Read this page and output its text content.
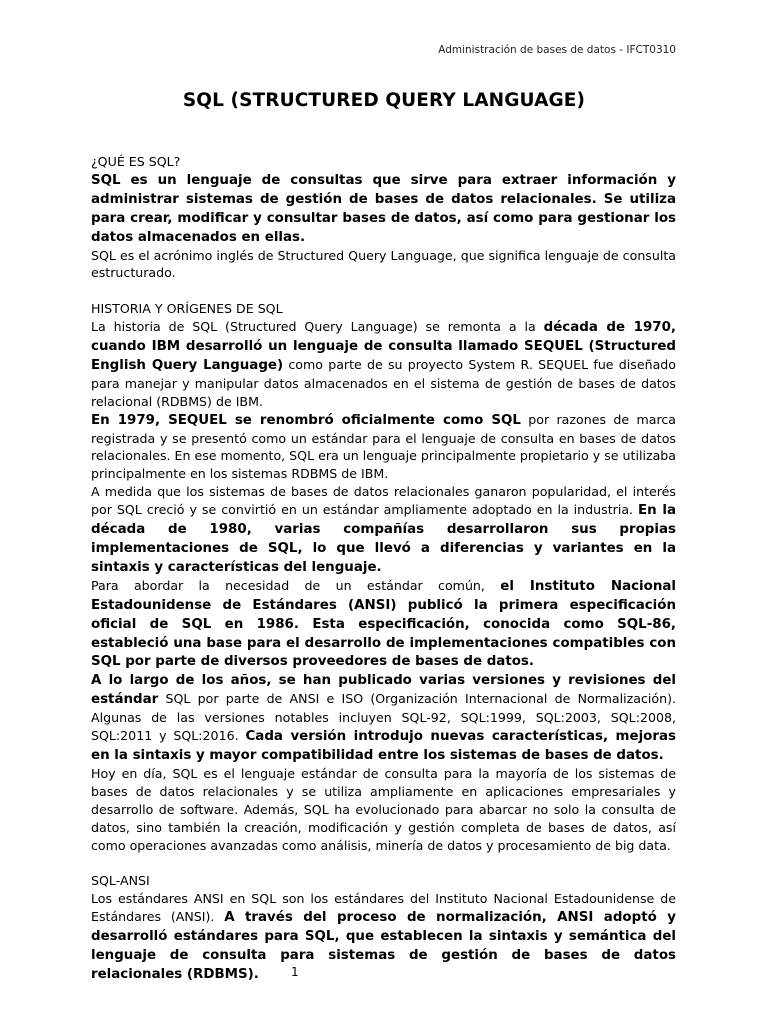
Administración de bases de datos - IFCT0310
SQL (STRUCTURED QUERY LANGUAGE)
¿QUÉ ES SQL?

SQL es un lenguaje de consultas que sirve para extraer información y administrar sistemas de gestión de bases de datos relacionales. Se utiliza para crear, modificar y consultar bases de datos, así como para gestionar los datos almacenados en ellas.

SQL es el acrónimo inglés de Structured Query Language, que significa lenguaje de consulta estructurado.

HISTORIA Y ORÍGENES DE SQL

La historia de SQL (Structured Query Language) se remonta a la década de 1970, cuando IBM desarrolló un lenguaje de consulta llamado SEQUEL (Structured English Query Language) como parte de su proyecto System R. SEQUEL fue diseñado para manejar y manipular datos almacenados en el sistema de gestión de bases de datos relacional (RDBMS) de IBM.

En 1979, SEQUEL se renombró oficialmente como SQL por razones de marca registrada y se presentó como un estándar para el lenguaje de consulta en bases de datos relacionales. En ese momento, SQL era un lenguaje principalmente propietario y se utilizaba principalmente en los sistemas RDBMS de IBM.

A medida que los sistemas de bases de datos relacionales ganaron popularidad, el interés por SQL creció y se convirtió en un estándar ampliamente adoptado en la industria. En la década de 1980, varias compañías desarrollaron sus propias implementaciones de SQL, lo que llevó a diferencias y variantes en la sintaxis y características del lenguaje.

Para abordar la necesidad de un estándar común, el Instituto Nacional Estadounidense de Estándares (ANSI) publicó la primera especificación oficial de SQL en 1986. Esta especificación, conocida como SQL-86, estableció una base para el desarrollo de implementaciones compatibles con SQL por parte de diversos proveedores de bases de datos.

A lo largo de los años, se han publicado varias versiones y revisiones del estándar SQL por parte de ANSI e ISO (Organización Internacional de Normalización). Algunas de las versiones notables incluyen SQL-92, SQL:1999, SQL:2003, SQL:2008, SQL:2011 y SQL:2016. Cada versión introdujo nuevas características, mejoras en la sintaxis y mayor compatibilidad entre los sistemas de bases de datos.

Hoy en día, SQL es el lenguaje estándar de consulta para la mayoría de los sistemas de bases de datos relacionales y se utiliza ampliamente en aplicaciones empresariales y desarrollo de software. Además, SQL ha evolucionado para abarcar no solo la consulta de datos, sino también la creación, modificación y gestión completa de bases de datos, así como operaciones avanzadas como análisis, minería de datos y procesamiento de big data.

SQL-ANSI

Los estándares ANSI en SQL son los estándares del Instituto Nacional Estadounidense de Estándares (ANSI). A través del proceso de normalización, ANSI adoptó y desarrolló estándares para SQL, que establecen la sintaxis y semántica del lenguaje de consulta para sistemas de gestión de bases de datos relacionales (RDBMS).	1
